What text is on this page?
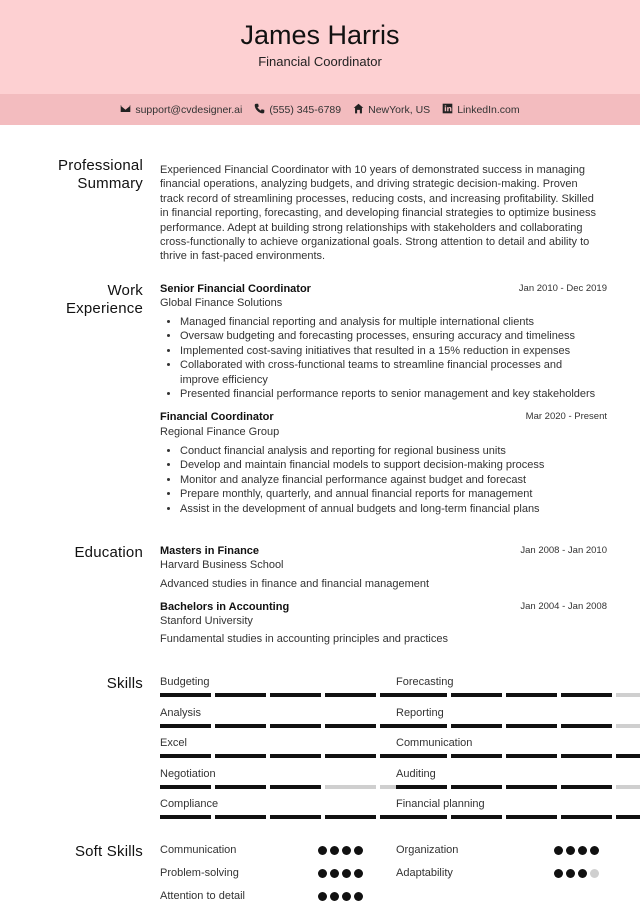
James Harris
Financial Coordinator
support@cvdesigner.ai	(555) 345-6789	NewYork, US	LinkedIn.com
Professional
Summary
Experienced Financial Coordinator with 10 years of demonstrated success in managing
financial operations, analyzing budgets, and driving strategic decision-making. Proven
track record of streamlining processes, reducing costs, and increasing profitability. Skilled
in financial reporting, forecasting, and developing financial strategies to optimize business
performance. Adept at building strong relationships with stakeholders and collaborating
cross-functionally to achieve organizational goals. Strong attention to detail and ability to
thrive in fast-paced environments.
Work
Experience
Senior Financial Coordinator	Jan 2010 - Dec 2019
Global Finance Solutions
• Managed financial reporting and analysis for multiple international clients
• Oversaw budgeting and forecasting processes, ensuring accuracy and timeliness
• Implemented cost-saving initiatives that resulted in a 15% reduction in expenses
• Collaborated with cross-functional teams to streamline financial processes and improve efficiency
• Presented financial performance reports to senior management and key stakeholders
Financial Coordinator	Mar 2020 - Present
Regional Finance Group
• Conduct financial analysis and reporting for regional business units
• Develop and maintain financial models to support decision-making process
• Monitor and analyze financial performance against budget and forecast
• Prepare monthly, quarterly, and annual financial reports for management
• Assist in the development of annual budgets and long-term financial plans
Education Masters in Finance	Jan 2008 - Jan 2010
Harvard Business School
Advanced studies in finance and financial management
Bachelors in Accounting	Jan 2004 - Jan 2008
Stanford University
Fundamental studies in accounting principles and practices
Skills Budgeting	Forecasting
Analysis	Reporting
Excel	Communication
Negotiation	Auditing
Compliance	Financial planning
Soft Skills Communication	Organization
Problem-solving	Adaptability
Attention to detail
